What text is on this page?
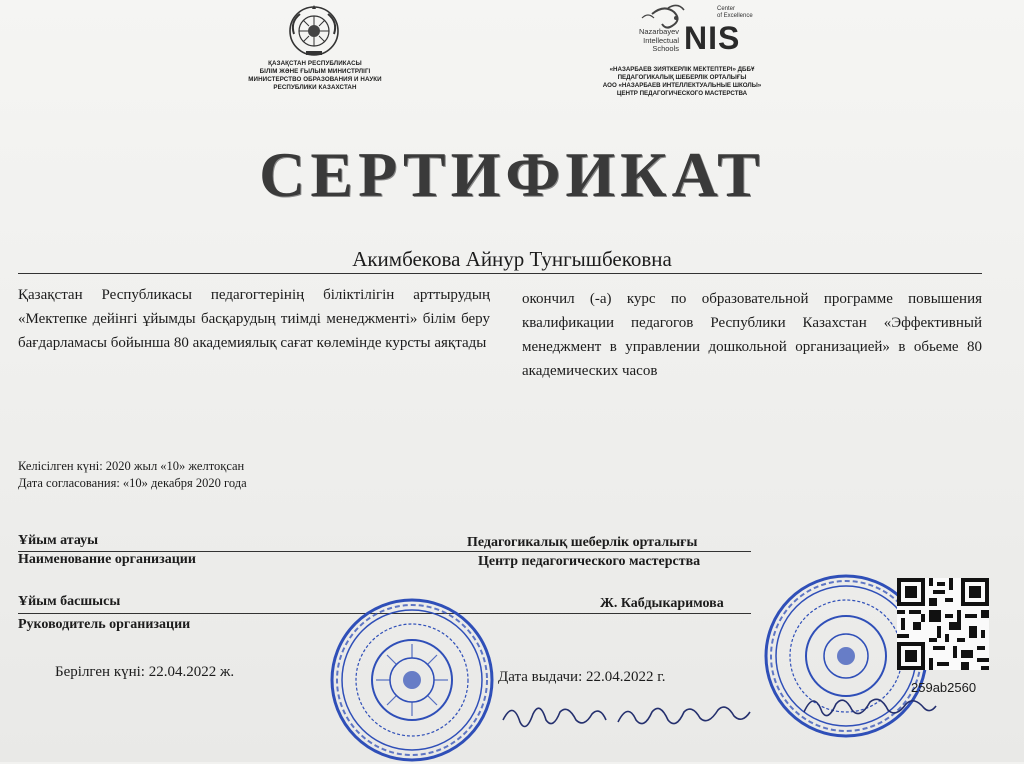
ҚАЗАҚСТАН РЕСПУБЛИКАСЫ
БІЛІМ ЖӘНЕ ҒЫЛЫМ МИНИСТРЛІГІ
МИНИСТЕРСТВО ОБРАЗОВАНИЯ И НАУКИ
РЕСПУБЛИКИ КАЗАХСТАН
Nazarbayev
Intellectual
Schools NIS
Center
of Excellence
«НАЗАРБАЕВ ЗИЯТКЕРЛІК МЕКТЕПТЕРІ» ДББҰ
ПЕДАГОГИКАЛЫҚ ШЕБЕРЛІК ОРТАЛЫҒЫ
АОО «НАЗАРБАЕВ ИНТЕЛЛЕКТУАЛЬНЫЕ ШКОЛЫ»
ЦЕНТР ПЕДАГОГИЧЕСКОГО МАСТЕРСТВА
СЕРТИФИКАТ
Акимбекова Айнур Тунгышбековна
Қазақстан Республикасы педагогтерінің біліктілігін арттырудың «Мектепке дейінгі ұйымды басқарудың тиімді менеджменті» білім беру бағдарламасы бойынша 80 академиялық сағат көлемінде курсты аяқтады
окончил (-а) курс по образовательной программе повышения квалификации педагогов Республики Казахстан «Эффективный менеджмент в управлении дошкольной организацией» в обьеме 80 академических часов
Келісілген күні: 2020 жыл «10» желтоқсан
Дата согласования: «10» декабря 2020 года
Ұйым атауы	Педагогикалық шеберлік орталығы
Наименование организации	Центр педагогического мастерства
Ұйым басшысы	Ж. Кабдыкаримова
Руководитель организации
Берілген күні: 22.04.2022 ж.	Дата выдачи: 22.04.2022 г.
259ab2560
